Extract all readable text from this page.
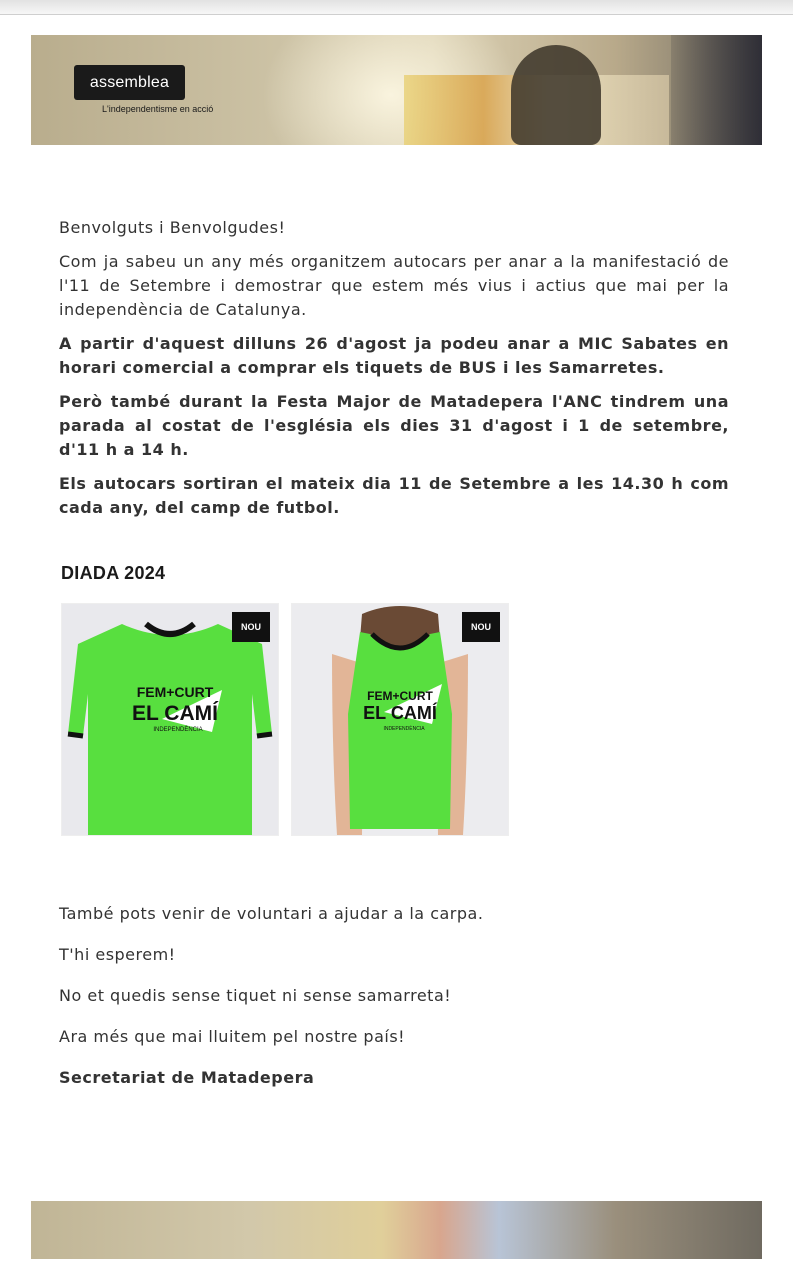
assemblea
L'independentisme en acció

Benvolguts i Benvolgudes!

Com ja sabeu un any més organitzem autocars per anar a la manifestació de l'11 de Setembre i demostrar que estem més vius i actius que mai per la independència de Catalunya.

A partir d'aquest dilluns 26 d'agost ja podeu anar a MIC Sabates en horari comercial a comprar els tiquets de BUS i les Samarretes.

Però també durant la Festa Major de Matadepera l'ANC tindrem una parada al costat de l'església els dies 31 d'agost i 1 de setembre, d'11 h a 14 h.

Els autocars sortiran el mateix dia 11 de Setembre a les 14.30 h com cada any, del camp de futbol.

DIADA 2024
FEM+CURT
EL CAMÍ
INDEPENDÈNCIA
NOU
FEM+CURT
EL CAMÍ
INDEPENDÈNCIA
NOU

També pots venir de voluntari a ajudar a la carpa.

T'hi esperem!

No et quedis sense tiquet ni sense samarreta!

Ara més que mai lluitem pel nostre país!

Secretariat de Matadepera
